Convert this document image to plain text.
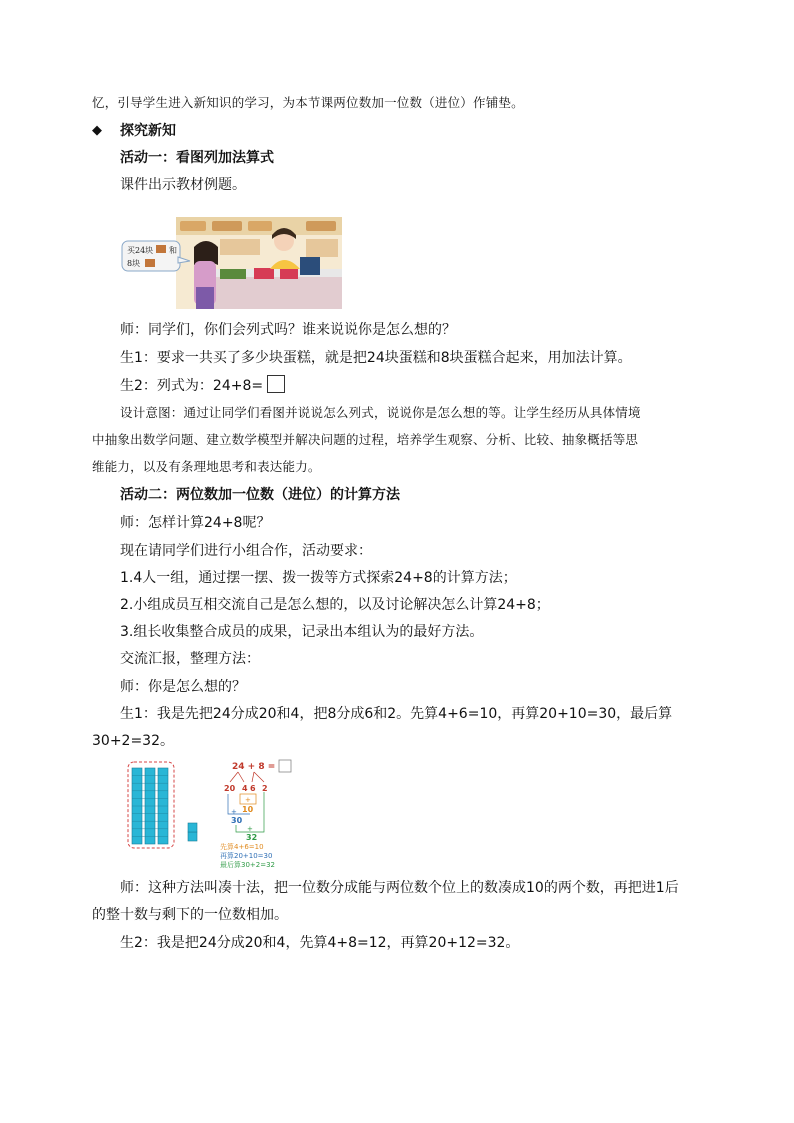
忆，引导学生进入新知识的学习，为本节课两位数加一位数（进位）作铺垫。
◆ 探究新知
活动一：看图列加法算式
课件出示教材例题。
买24块 和
8块
师：同学们，你们会列式吗？谁来说说你是怎么想的？
生1：要求一共买了多少块蛋糕，就是把24块蛋糕和8块蛋糕合起来，用加法计算。
生2：列式为：24+8=
设计意图：通过让同学们看图并说说怎么列式，说说你是怎么想的等。让学生经历从具体情境
中抽象出数学问题、建立数学模型并解决问题的过程，培养学生观察、分析、比较、抽象概括等思
维能力，以及有条理地思考和表达能力。
活动二：两位数加一位数（进位）的计算方法
师：怎样计算24+8呢？
现在请同学们进行小组合作，活动要求：
1.4人一组，通过摆一摆、拨一拨等方式探索24+8的计算方法；
2.小组成员互相交流自己是怎么想的，以及讨论解决怎么计算24+8；
3.组长收集整合成员的成果，记录出本组认为的最好方法。
交流汇报，整理方法：
师：你是怎么想的？
生1：我是先把24分成20和4，把8分成6和2。先算4+6=10，再算20+10=30，最后算
30+2=32。
24 + 8 =
20 4 6 2
+
10
+
30
+
32
先算4+6=10
再算20+10=30
最后算30+2=32
师：这种方法叫凑十法，把一位数分成能与两位数个位上的数凑成10的两个数，再把进1后
的整十数与剩下的一位数相加。
生2：我是把24分成20和4，先算4+8=12，再算20+12=32。
